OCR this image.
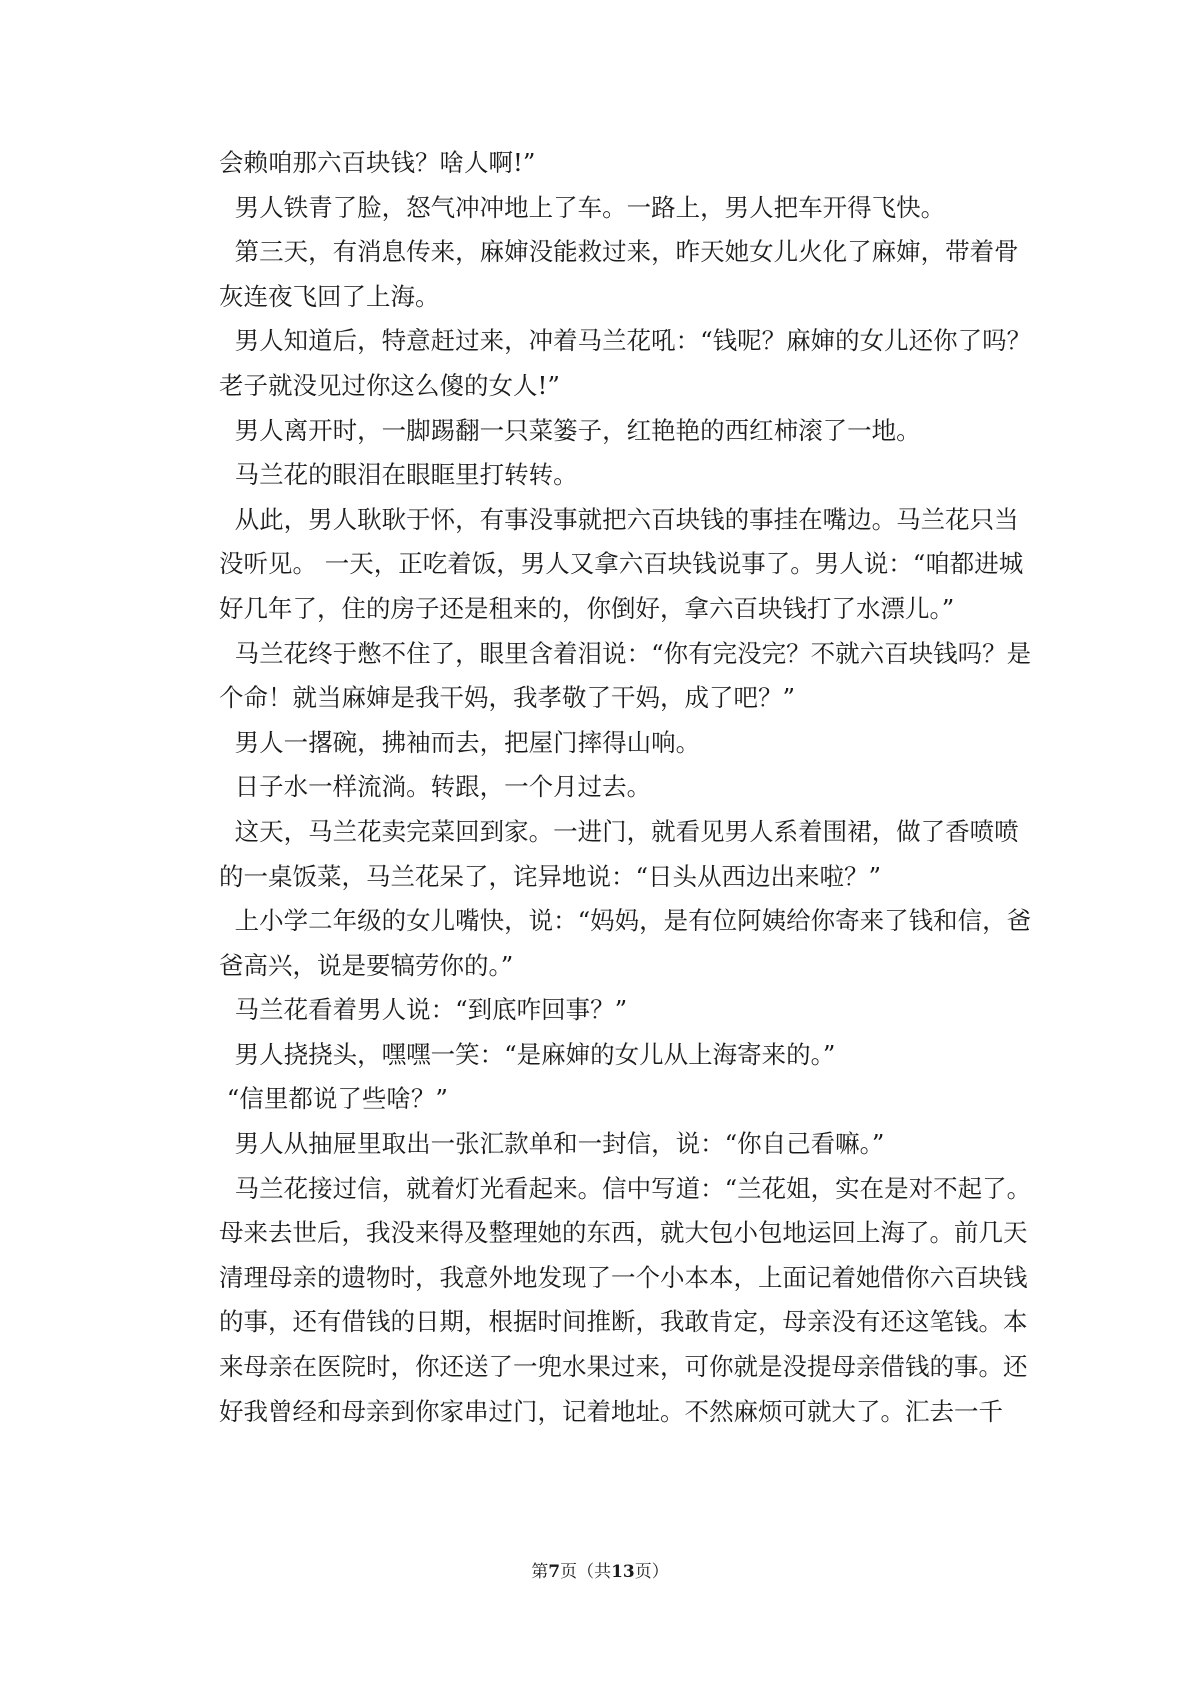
会赖咱那六百块钱？啥人啊!”

男人铁青了脸，怒气冲冲地上了车。一路上，男人把车开得飞快。

第三天，有消息传来，麻婶没能救过来，昨天她女儿火化了麻婶，带着骨

灰连夜飞回了上海。

男人知道后，特意赶过来，冲着马兰花吼：“钱呢？麻婶的女儿还你了吗？

老子就没见过你这么傻的女人!”

男人离开时，一脚踢翻一只菜篓子，红艳艳的西红柿滚了一地。

马兰花的眼泪在眼眶里打转转。

从此，男人耿耿于怀，有事没事就把六百块钱的事挂在嘴边。马兰花只当

没听见。 一天，正吃着饭，男人又拿六百块钱说事了。男人说：“咱都进城

好几年了，住的房子还是租来的，你倒好，拿六百块钱打了水漂儿。”

马兰花终于憋不住了，眼里含着泪说：“你有完没完？不就六百块钱吗？是

个命！就当麻婶是我干妈，我孝敬了干妈，成了吧？”

男人一撂碗，拂袖而去，把屋门摔得山响。

日子水一样流淌。转跟，一个月过去。

这天，马兰花卖完菜回到家。一进门，就看见男人系着围裙，做了香喷喷

的一桌饭菜，马兰花呆了，诧异地说：“日头从西边出来啦？”

上小学二年级的女儿嘴快，说：“妈妈，是有位阿姨给你寄来了钱和信，爸

爸高兴，说是要犒劳你的。”

马兰花看着男人说：“到底咋回事？”

男人挠挠头，嘿嘿一笑：“是麻婶的女儿从上海寄来的。”

“信里都说了些啥？”

男人从抽屉里取出一张汇款单和一封信，说：“你自己看嘛。”

马兰花接过信，就着灯光看起来。信中写道：“兰花姐，实在是对不起了。

母来去世后，我没来得及整理她的东西，就大包小包地运回上海了。前几天

清理母亲的遗物时，我意外地发现了一个小本本，上面记着她借你六百块钱

的事，还有借钱的日期，根据时间推断，我敢肯定，母亲没有还这笔钱。本

来母亲在医院时，你还送了一兜水果过来，可你就是没提母亲借钱的事。还

好我曾经和母亲到你家串过门，记着地址。不然麻烦可就大了。汇去一千

第7页（共13页）
